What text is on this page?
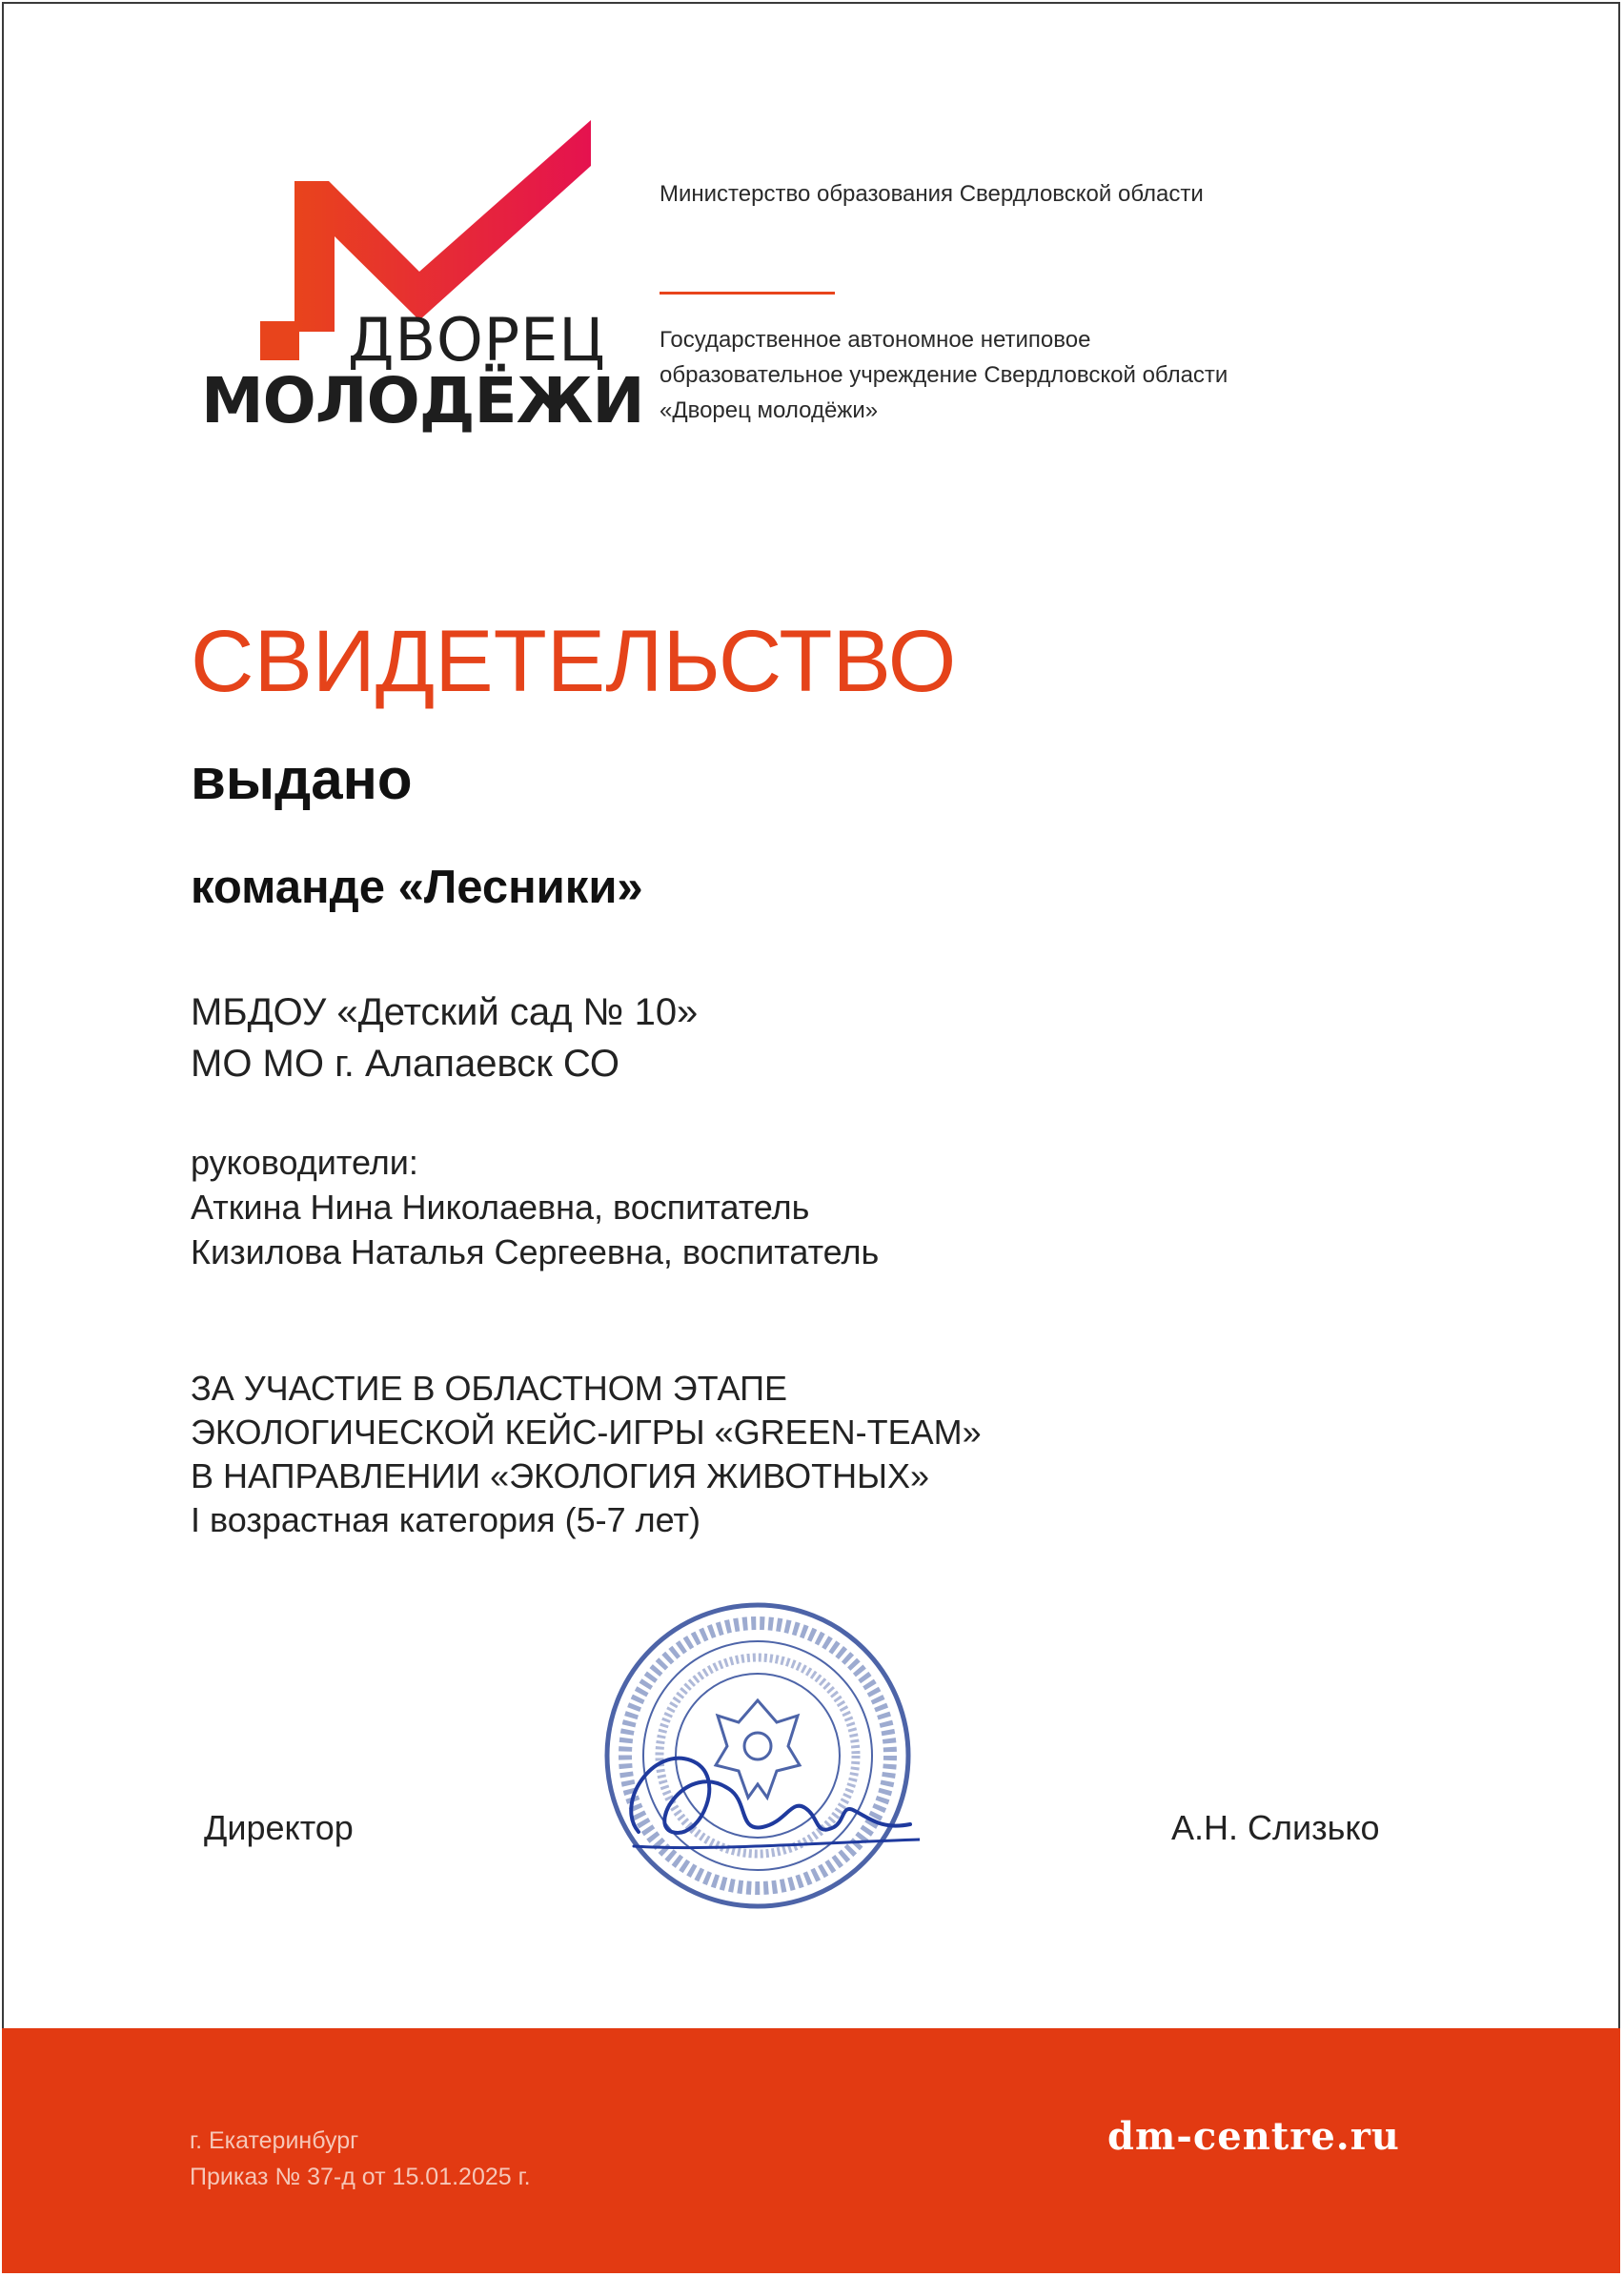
ДВОРЕЦ
МОЛОДЁЖИ
Министерство образования Свердловской области
Государственное автономное нетиповое
образовательное учреждение Свердловской области
«Дворец молодёжи»
СВИДЕТЕЛЬСТВО
выдано
команде «Лесники»
МБДОУ «Детский сад № 10»
МО МО г. Алапаевск СО
руководители:
Аткина Нина Николаевна, воспитатель
Кизилова Наталья Сергеевна, воспитатель
ЗА УЧАСТИЕ В ОБЛАСТНОМ ЭТАПЕ
ЭКОЛОГИЧЕСКОЙ КЕЙС-ИГРЫ «GREEN-TEAM»
В НАПРАВЛЕНИИ «ЭКОЛОГИЯ ЖИВОТНЫХ»
I возрастная категория (5-7 лет)
Директор	А.Н. Слизько
г. Екатеринбург
Приказ № 37-д от 15.01.2025 г.
dm-centre.ru
